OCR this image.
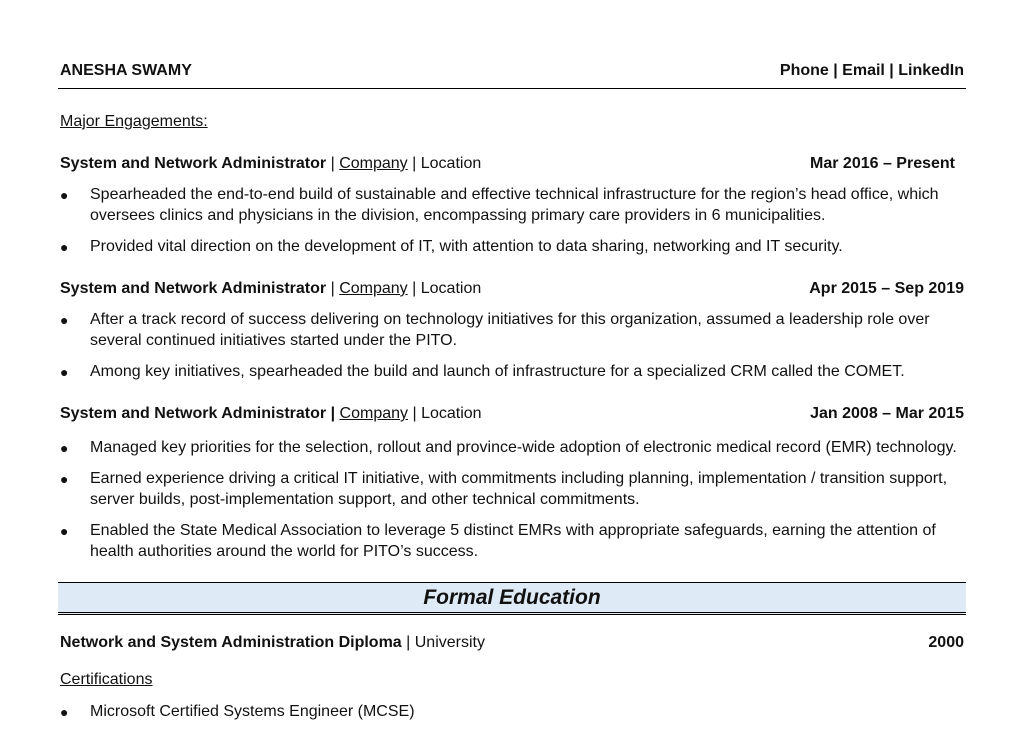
ANESHA SWAMY	Phone | Email | LinkedIn
Major Engagements:
System and Network Administrator | Company | Location	Mar 2016 – Present
● Spearheaded the end-to-end build of sustainable and effective technical infrastructure for the region’s head office, which oversees clinics and physicians in the division, encompassing primary care providers in 6 municipalities.
● Provided vital direction on the development of IT, with attention to data sharing, networking and IT security.
System and Network Administrator | Company | Location	Apr 2015 – Sep 2019
● After a track record of success delivering on technology initiatives for this organization, assumed a leadership role over several continued initiatives started under the PITO.
● Among key initiatives, spearheaded the build and launch of infrastructure for a specialized CRM called the COMET.
System and Network Administrator | Company | Location	Jan 2008 – Mar 2015
● Managed key priorities for the selection, rollout and province-wide adoption of electronic medical record (EMR) technology.
● Earned experience driving a critical IT initiative, with commitments including planning, implementation / transition support, server builds, post-implementation support, and other technical commitments.
● Enabled the State Medical Association to leverage 5 distinct EMRs with appropriate safeguards, earning the attention of health authorities around the world for PITO’s success.
Formal Education
Network and System Administration Diploma | University	2000
Certifications
● Microsoft Certified Systems Engineer (MCSE)
